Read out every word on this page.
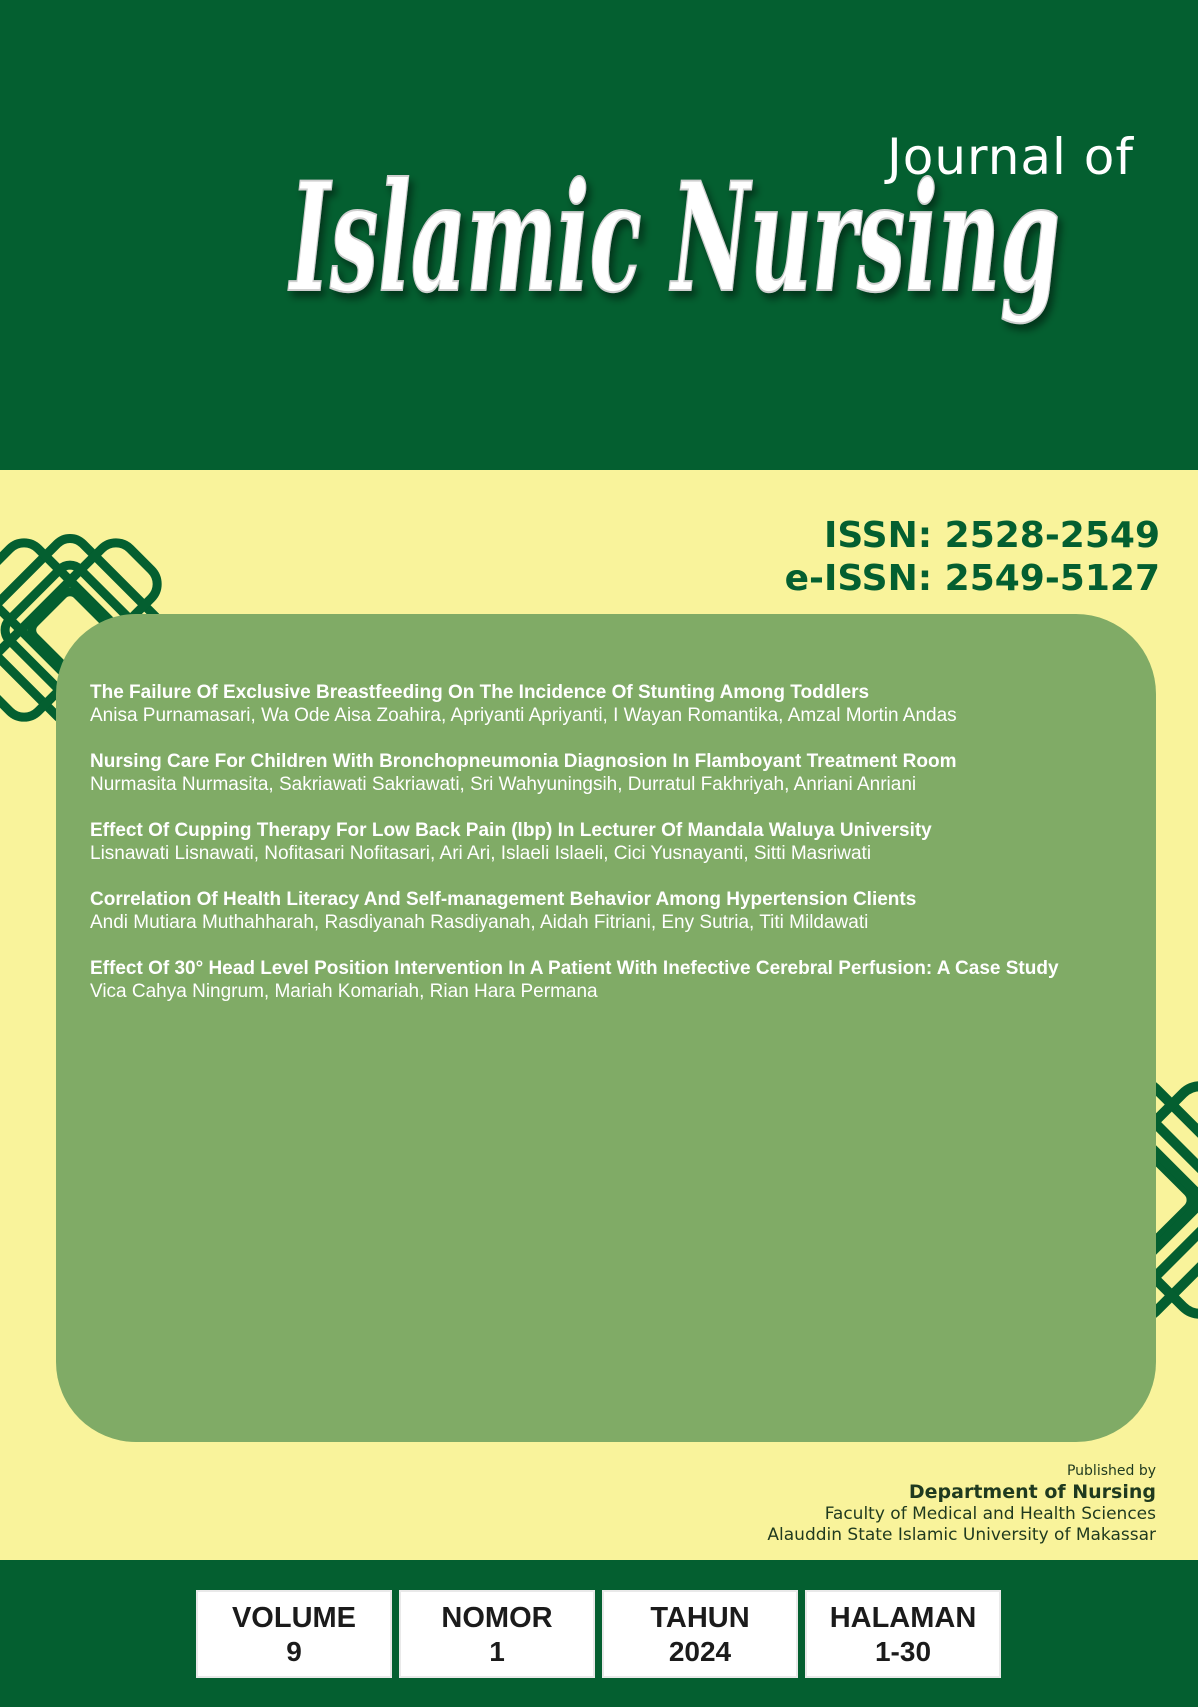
Journal of
Islamic Nursing
ISSN: 2528-2549
e-ISSN: 2549-5127
The Failure Of Exclusive Breastfeeding On The Incidence Of Stunting Among Toddlers
Anisa Purnamasari, Wa Ode Aisa Zoahira, Apriyanti Apriyanti, I Wayan Romantika, Amzal Mortin Andas
Nursing Care For Children With Bronchopneumonia Diagnosion In Flamboyant Treatment Room
Nurmasita Nurmasita, Sakriawati Sakriawati, Sri Wahyuningsih, Durratul Fakhriyah, Anriani Anriani
Effect Of Cupping Therapy For Low Back Pain (lbp) In Lecturer Of Mandala Waluya University
Lisnawati Lisnawati, Nofitasari Nofitasari, Ari Ari, Islaeli Islaeli, Cici Yusnayanti, Sitti Masriwati
Correlation Of Health Literacy And Self-management Behavior Among Hypertension Clients
Andi Mutiara Muthahharah, Rasdiyanah Rasdiyanah, Aidah Fitriani, Eny Sutria, Titi Mildawati
Effect Of 30° Head Level Position Intervention In A Patient With Inefective Cerebral Perfusion: A Case Study
Vica Cahya Ningrum, Mariah Komariah, Rian Hara Permana
Published by
Department of Nursing
Faculty of Medical and Health Sciences
Alauddin State Islamic University of Makassar
VOLUME
9
NOMOR
1
TAHUN
2024
HALAMAN
1-30
